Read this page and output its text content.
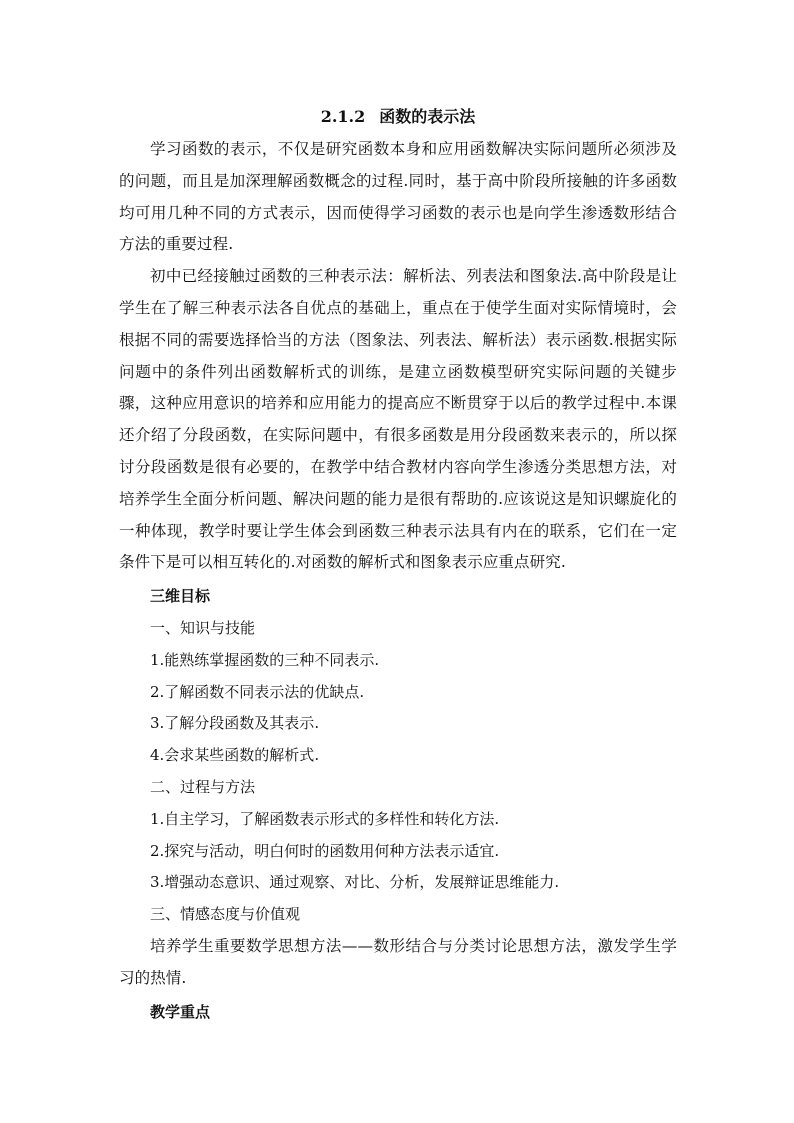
2.1.2 函数的表示法

学习函数的表示，不仅是研究函数本身和应用函数解决实际问题所必须涉及的问题，而且是加深理解函数概念的过程.同时，基于高中阶段所接触的许多函数均可用几种不同的方式表示，因而使得学习函数的表示也是向学生渗透数形结合方法的重要过程.

初中已经接触过函数的三种表示法：解析法、列表法和图象法.高中阶段是让学生在了解三种表示法各自优点的基础上，重点在于使学生面对实际情境时，会根据不同的需要选择恰当的方法（图象法、列表法、解析法）表示函数.根据实际问题中的条件列出函数解析式的训练，是建立函数模型研究实际问题的关键步骤，这种应用意识的培养和应用能力的提高应不断贯穿于以后的教学过程中.本课还介绍了分段函数，在实际问题中，有很多函数是用分段函数来表示的，所以探讨分段函数是很有必要的，在教学中结合教材内容向学生渗透分类思想方法，对培养学生全面分析问题、解决问题的能力是很有帮助的.应该说这是知识螺旋化的一种体现，教学时要让学生体会到函数三种表示法具有内在的联系，它们在一定条件下是可以相互转化的.对函数的解析式和图象表示应重点研究.

三维目标

一、知识与技能

1.能熟练掌握函数的三种不同表示.

2.了解函数不同表示法的优缺点.

3.了解分段函数及其表示.

4.会求某些函数的解析式.

二、过程与方法

1.自主学习，了解函数表示形式的多样性和转化方法.

2.探究与活动，明白何时的函数用何种方法表示适宜.

3.增强动态意识、通过观察、对比、分析，发展辩证思维能力.

三、情感态度与价值观

培养学生重要数学思想方法——数形结合与分类讨论思想方法，激发学生学习的热情.

教学重点
